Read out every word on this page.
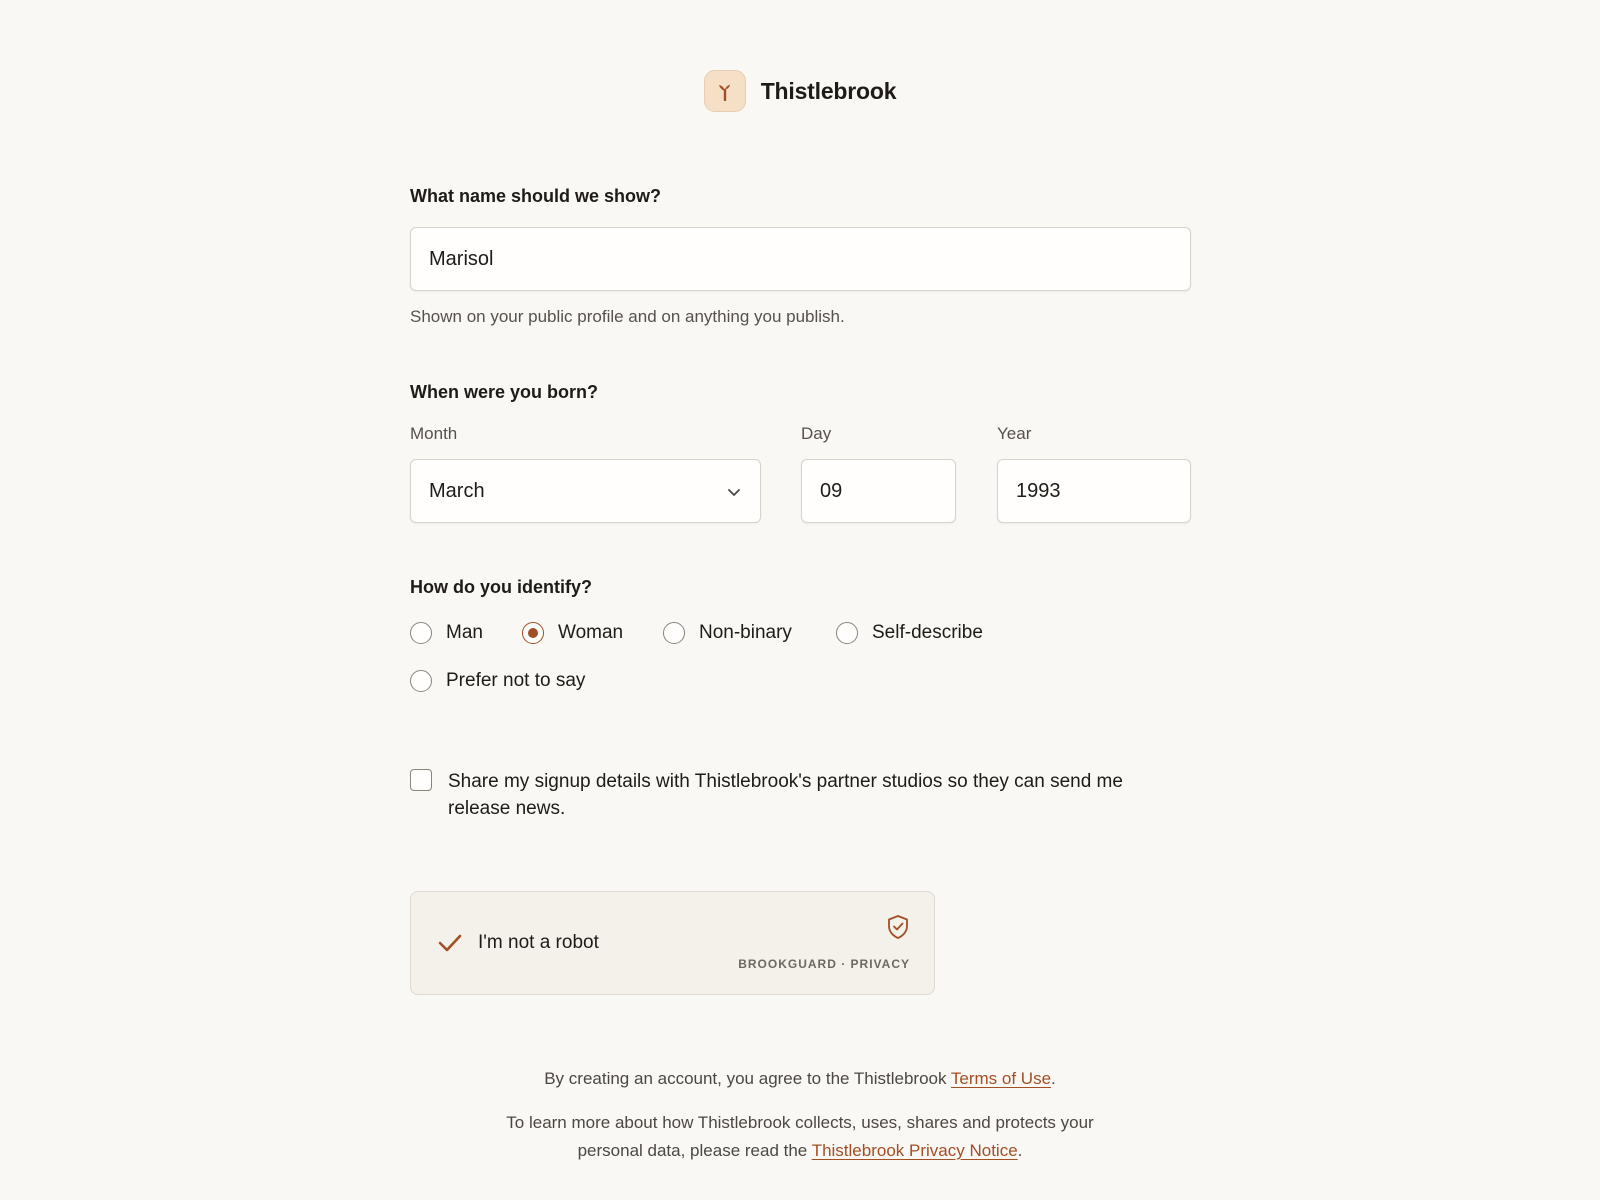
Thistlebrook
What name should we show?
Marisol
Shown on your public profile and on anything you publish.
When were you born?
Month
March
Day
09
Year
1993
How do you identify?
Man	Woman	Non-binary	Self-describe
Prefer not to say
Share my signup details with Thistlebrook's partner studios so they can send me release news.
I'm not a robot
BROOKGUARD · PRIVACY
By creating an account, you agree to the Thistlebrook Terms of Use.
To learn more about how Thistlebrook collects, uses, shares and protects your
personal data, please read the Thistlebrook Privacy Notice.
